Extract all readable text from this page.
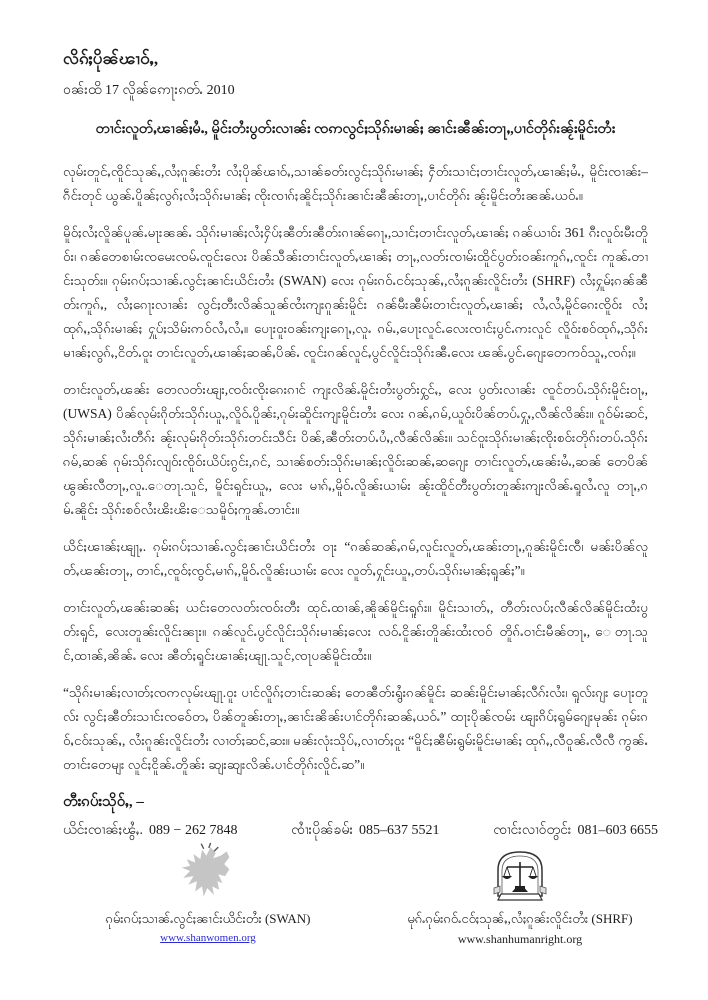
လိၵ်ႈပိုၼ်ၽၢဝ်ႇ,
ဝၼ်းထိ 17 လိူၼ်ဢေႃးၵတ်ႉ 2010
တၢင်းလူတ်ႇၽၢၼ်ႈမႆႉ, မိူင်းတႆးပွတ်းလၢၼ်း ၸဢလွင်ႈသိုၵ်းမၢၼ်ႈ ၼၢင်းၼီၼ်းတႃႇ,ပၢင်တိုၵ်းၼႂ်းမိူင်းတႆး

လုမ်းတူင်ႇၸိူင်သုၼ်ႇ,လႆႈၵူၼ်းတႆး လႆႈပိုၼ်ၽၢဝ်ႇ,သၢၼ်ၶတ်းလွင်ႈသိုၵ်းမၢၼ်ႈ ႁဵတ်းသၢင်ႈတၢင်းလူတ်ႇၽၢၼ်ႈမႆႉ, မိူင်းၸၢၼ်း–ၵဵင်းတုင် ယွၼ်ႉပိူၼ်ႈလွၵ်ႈလႆႈသိုၵ်းမၢၼ်ႈ ၸိုးၸၢၵ်ႈၼိူင်ႈသိုၵ်းၼၢင်းၼီၼ်းတႃႇ,ပၢင်တိုၵ်း ၼႂ်းမိူင်းတႆးၼၼ်ႉယဝ်ႉ။

မိူဝ်ႈလႆႈလိူၼ်ပူၼ်ႉမႃးၼၼ်ႉ သိုၵ်းမၢၼ်ႈလႆႈႁိပ်ႈၼီတ်းၼီတ်းၵၢၼ်ၵေႃႇ,သၢင်ႈတၢင်းလူတ်ႇၽၢၼ်ႈ ၵၼ်ယၢဝ်း 361 ၵီးလူဝ်းမီးတိူဝ်း၊ ၵၼ်တေစၢမ်းၸမေးၸမ်ႉၸူင်းလေး ပိၼ်သီၼ်းတၢင်းလူတ်ႇၽၢၼ်ႈ တႃႇ,လတ်းၸၢမ်းထိူင်ပွတ်းဝၼ်းကူၵ်ႇ,ၸူင်း ကူၼ်ႉတၢင်းသုတ်း။ ၵုမ်းၵပ်ႈသၢၼ်ႉလွင်ႈၼၢင်းယိင်းတႆး (SWAN) လေး ၵုမ်းၵဝ်ႉငဝ်ႈသုၼ်ႇ,လႆႈၵူၼ်းလိူင်းတႆး (SHRF) လႆႈႁူမ်ႈၵၼ်ၼီတ်းကူၵ်ႇ, လႆႈၵေႃးလၢၼ်း လွင်ႈတီးလိၼ်သူၼ်ၸႆးဢျးၵူၼ်းမိူင်း ၵၼ်မီးၼီမ်းတၢင်းလူတ်ႇၽၢၼ်ႈ လႆႇလႆႇမိူင်ၵေးၸိူဝ်း လႆႈထုၵ်ႇ,သိုၵ်းမၢၼ်ႈ ႁူပ်ႈသိမ်းဢဝ်လႆႇလႆႇ။ ပေႃးဝူးဝၼ်းဢျးၵေႃႇ,လူႉ ၵမ်ႉ,ပေႃးလူင်ႉလေးၸၢင်ႈပွင်ႉဢးလူင် လိူဝ်းစဝ်ထုၵ်ႇ,သိုၵ်းမၢၼ်ႈလွၵ်ႇ,ငိတ်ႉဝူး တၢင်းလူတ်ႇၽၢၼ်ႈဆၼ်ႇပိၼ်ႉ ၸူင်းၵၼ်လူင်ႇပွင်လိူင်းသိုၵ်းၼီႉလေး ၽၼ်ႉပွင်ႉၵျေးတေကဝ်သူႇ,ၸၵ်ႈ။

တၢင်းလူတ်ႇၽၼ်း တေလတ်းၽျး,ၸဝ်းၸိုးၵေးၵၢင် ဢျးလိၼ်ႉမိူင်းတႆးပွတ်းႁွင်ႇ, လေး ပွတ်းလၢၼ်း ၸူင်တပ်ႉသိုၵ်းမိူင်းဝႃႇ, (UWSA) ပိၼ်လုမ်းၵိုတ်းသိုၵ်းယူႇ,လိူဝ်ႉပိူၼ်း,ၵုမ်းဆိူင်းဢျးမိူင်းတႆး လေး ၵၼ်ႇၵမ်,ယူဝ်းပိၼ်တပ်ႉႁူႇ,လီၼ်လိၼ်း။ ၵူဝ်မ်းဆင်, သိုၵ်းမၢၼ်ႈလႆးတီၵ်း ၼႂ်းလုမ်းၵိုတ်းသိုၵ်းတင်းသီင်း ပိၼ်,ၼီတ်းတပ်ႉပႆႇ,လီၼ်လိၼ်း။ သင်ဝူးသိုၵ်းမၢၼ်ႈၸိုးစဝ်းတိုၵ်းတပ်ႉသိုၵ်း ၵမ်,ဆၼ် ၵုမ်းသိုၵ်းလျဝ်းၸိူဝ်းယိပ်းၵွင်း,ၵင်, သၢၼ်စတ်းသိုၵ်းမၢၼ်ႈလိူဝ်းဆၼ်ႇဆၵျေး တၢင်းလူတ်ႇၽၼ်းမႆႉ,ဆၼ် တေပိၼ် ၽွၼ်းလီတႃႇ,လူႉ.ေတႃ.သူင်, မိူင်းရူင်းယူႇ, လေး မၢၵ်ႇ,မိူဝ်ႉလိူၼ်းယၢမ်း ၼႂ်းထိူင်တီးပွတ်းတူၼ်းဢျးလိၼ်ႉရူလႆႉလူ တႃႇ,ၵမ်ႉၼိူင်း သိုၵ်းစဝ်လႆးၽိးၽိးေသမိူဝ်ႈကူၼ်ႉတၢင်း။

ယိင်ႈၽၢၼ်ႈၽျႃႇ. ၵုမ်းၵပ်ႈသၢၼ်ႉလွင်ႈၼၢင်းယိင်းတႆး ဝႃး “ၵၼ်ဆၼ်ႇၵမ်,လူင်းလူတ်ႇၽၼ်းတႃႇ,ၵူၼ်းမိူင်းၸီ၊ မၼ်းပိၼ်လူတ်ႇၽၼ်းတႃႇ, တၢင်ႇ,ၸူဝ်ႈၸွင်ႇမၢၵ်ႇ,မိူဝ်ႉလိူၼ်းယၢမ်း လေး လူတ်ႇႁူင်းယူႇ,တပ်ႉသိုၵ်းမၢၼ်ႈရူၼ်ႈ”။

တၢင်းလူတ်ႇၽၼ်းဆၼ်ႈ ယင်းတေလတ်းၸဝ်းတီး ထုင်ႉထၢၼ်,ၼိူၼ်မိူင်းရူၵ်း။ မိူင်းသၢတ်ႇ, တီတ်းလပ်ႈလီၼ်လိၼ်မိူင်းထႆးပွတ်းရူင်, လေးတူၼ်းလိူင်းၼႃး။ ၵၼ်လူင်ႉပွင်လိူင်းသိုၵ်းမၢၼ်ႈလေး လဝ်ႉငိူၼ်းတိူၼ်းထႆးၸဝ် တိူၵ်ႉဝၢင်းမီၼ်တႃႇ, ေတႃ.သူင်,ထၢၼ်,ၼိၼ်ႉ လေး ၼီတ်ႈရူင်းၽၢၼ်ႈၽျႃ.သူင်,ၸႃပၼ်မိူင်းထႆး။

“သိုၵ်းမၢၼ်ႈလၢတ်ႈၸဢလုမ်းၽျႃ.ဝူး ပၢင်လိူၵ်ႈတၢင်းဆၼ်ႈ တေၼီတ်းရွႆးၵၼ်မိူင်း ဆၼ်းမိူင်းမၢၼ်ႈလီၵ်းလႆး၊ ရူလ်းၵျး ပေႃးတူလ်း လွင်ႈၼီတ်းသၢင်းၸဝ်ေတႇ ပိၼ်တူၼ်းတႃႇ,ၼၢင်းၼိၼ်းပၢင်တိုၵ်းဆၼ်ႇယဝ်ႉ” ထႃးပိုၼ်ၸမ်း ၽျးၵိပ်ႈရွမ်ၵျေးမုၼ်း ၵုမ်းၵဝ်ႇငဝ်းသုၼ်ႇ, လႆးၵူၼ်းလိူင်းတႆး လၢတ်ႈဆင်,ဆး။ မၼ်းလုံးသိုပ်ႇ,လၢတ်ႈဝူး “မိူင်ႈၼီမ်းရွမ်းမိူင်းမၢၼ်ႈ ထုၵ်ႇ,လီဝူၼ်ႉလီလီ ကွၼ်ႉတၢင်းတေမျး လူင်ႈငိူၼ်ႉတိူၼ်း ဆျးဆျးလိၼ်ႉပၢင်တိုၵ်းလိူင်ႉဆ”။

တီးၵပ်းသိုဝ်ႇ, –
ယိင်းၸၢၼ်ႈၽွႆႇ. 089 − 262 7848	ၸၢႆးပိုၼ်ၶမ်း 085–637 5521	ၸၢင်းလၢဝ်တွင်း 081–603 6655
ၵုမ်းၵပ်ႈသၢၼ်ႉလွင်ႈၼၢင်းယိင်းတႆး (SWAN)
www.shanwomen.org
မုၵ်ႉၵုမ်းၵဝ်ႉငဝ်ႈသုၼ်ႇ,လႆႈၵူၼ်းလိူင်းတႆး (SHRF)
www.shanhumanright.org
